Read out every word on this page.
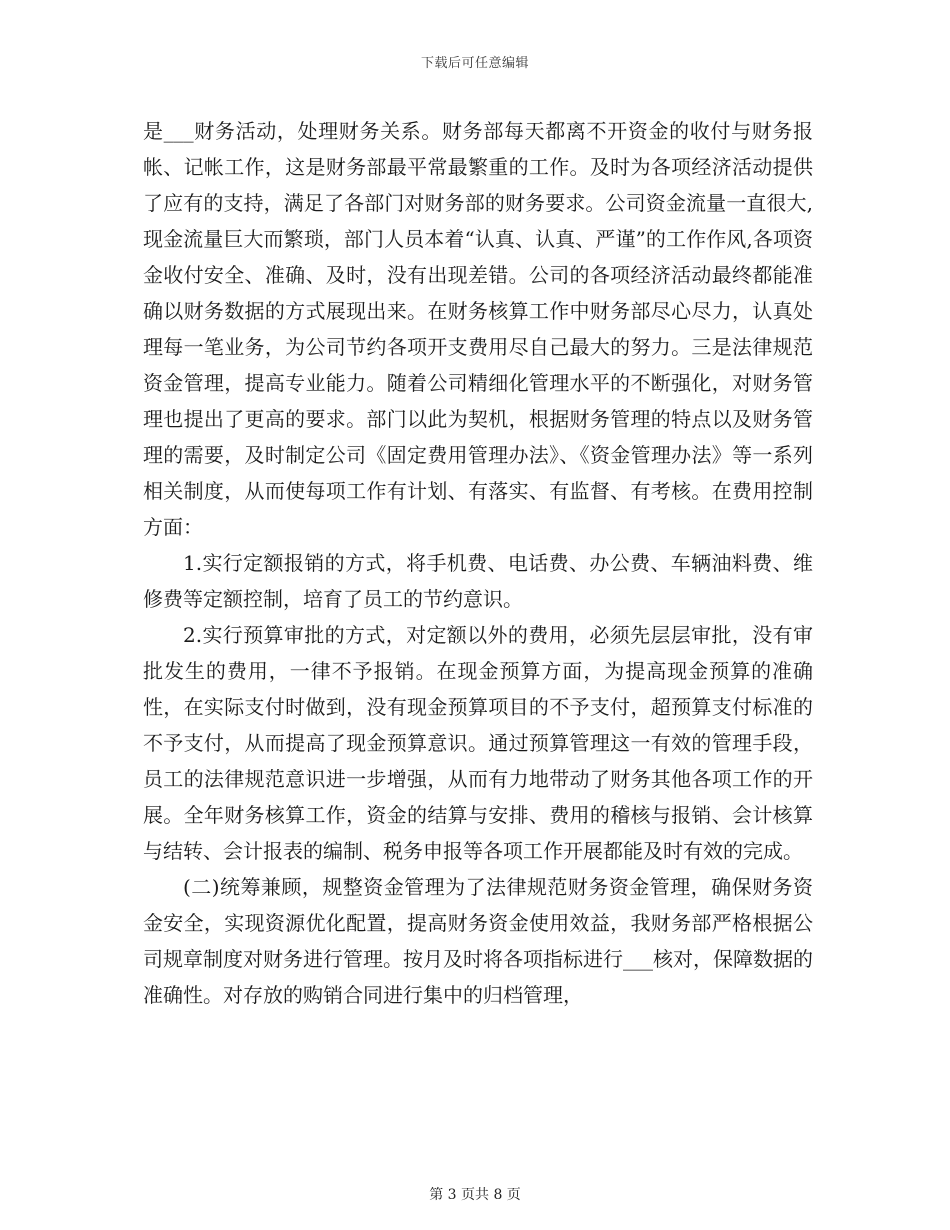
下载后可任意编辑

是___财务活动，处理财务关系。财务部每天都离不开资金的收付与财务报帐、记帐工作，这是财务部最平常最繁重的工作。及时为各项经济活动提供了应有的支持，满足了各部门对财务部的财务要求。公司资金流量一直很大,现金流量巨大而繁琐，部门人员本着“认真、认真、严谨”的工作作风,各项资金收付安全、准确、及时，没有出现差错。公司的各项经济活动最终都能准确以财务数据的方式展现出来。在财务核算工作中财务部尽心尽力，认真处理每一笔业务，为公司节约各项开支费用尽自己最大的努力。三是法律规范资金管理，提高专业能力。随着公司精细化管理水平的不断强化，对财务管理也提出了更高的要求。部门以此为契机，根据财务管理的特点以及财务管理的需要，及时制定公司《固定费用管理办法》、《资金管理办法》等一系列相关制度，从而使每项工作有计划、有落实、有监督、有考核。在费用控制方面：

1.实行定额报销的方式，将手机费、电话费、办公费、车辆油料费、维修费等定额控制，培育了员工的节约意识。

2.实行预算审批的方式，对定额以外的费用，必须先层层审批，没有审批发生的费用，一律不予报销。在现金预算方面，为提高现金预算的准确性，在实际支付时做到，没有现金预算项目的不予支付，超预算支付标准的不予支付，从而提高了现金预算意识。通过预算管理这一有效的管理手段，员工的法律规范意识进一步增强，从而有力地带动了财务其他各项工作的开展。全年财务核算工作，资金的结算与安排、费用的稽核与报销、会计核算与结转、会计报表的编制、税务申报等各项工作开展都能及时有效的完成。

(二)统筹兼顾，规整资金管理为了法律规范财务资金管理，确保财务资金安全，实现资源优化配置，提高财务资金使用效益，我财务部严格根据公司规章制度对财务进行管理。按月及时将各项指标进行___核对，保障数据的准确性。对存放的购销合同进行集中的归档管理，

第 3 页共 8 页
